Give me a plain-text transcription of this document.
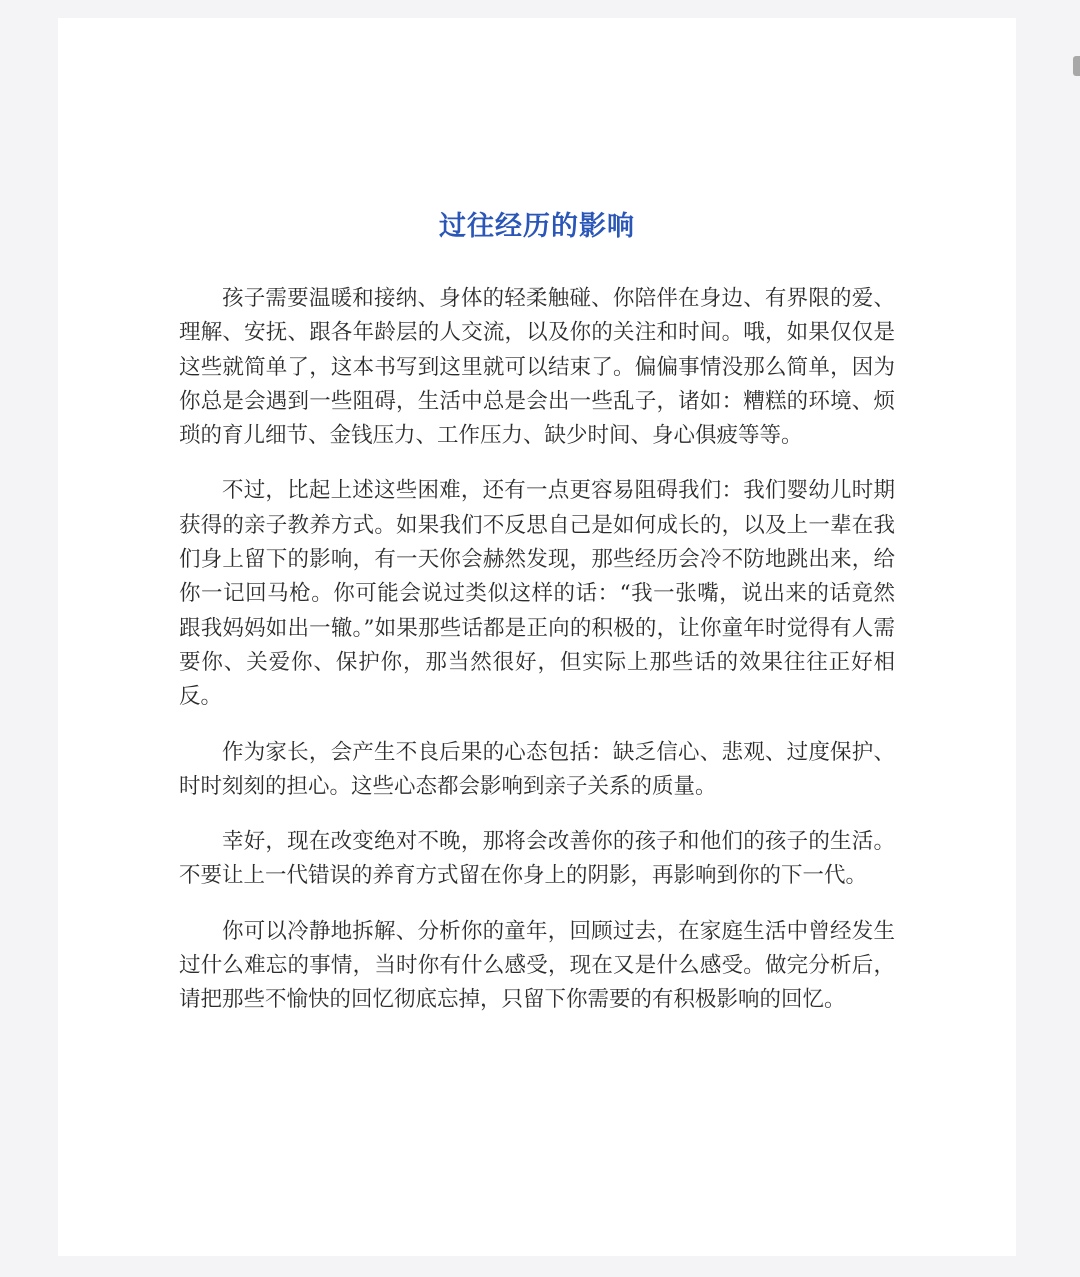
过往经历的影响

孩子需要温暖和接纳、身体的轻柔触碰、你陪伴在身边、有界限的爱、理解、安抚、跟各年龄层的人交流，以及你的关注和时间。哦，如果仅仅是这些就简单了，这本书写到这里就可以结束了。偏偏事情没那么简单，因为你总是会遇到一些阻碍，生活中总是会出一些乱子，诸如：糟糕的环境、烦琐的育儿细节、金钱压力、工作压力、缺少时间、身心俱疲等等。

不过，比起上述这些困难，还有一点更容易阻碍我们：我们婴幼儿时期获得的亲子教养方式。如果我们不反思自己是如何成长的，以及上一辈在我们身上留下的影响，有一天你会赫然发现，那些经历会冷不防地跳出来，给你一记回马枪。你可能会说过类似这样的话：“我一张嘴，说出来的话竟然跟我妈妈如出一辙。”如果那些话都是正向的积极的，让你童年时觉得有人需要你、关爱你、保护你，那当然很好，但实际上那些话的效果往往正好相反。

作为家长，会产生不良后果的心态包括：缺乏信心、悲观、过度保护、时时刻刻的担心。这些心态都会影响到亲子关系的质量。

幸好，现在改变绝对不晚，那将会改善你的孩子和他们的孩子的生活。不要让上一代错误的养育方式留在你身上的阴影，再影响到你的下一代。

你可以冷静地拆解、分析你的童年，回顾过去，在家庭生活中曾经发生过什么难忘的事情，当时你有什么感受，现在又是什么感受。做完分析后，请把那些不愉快的回忆彻底忘掉，只留下你需要的有积极影响的回忆。
